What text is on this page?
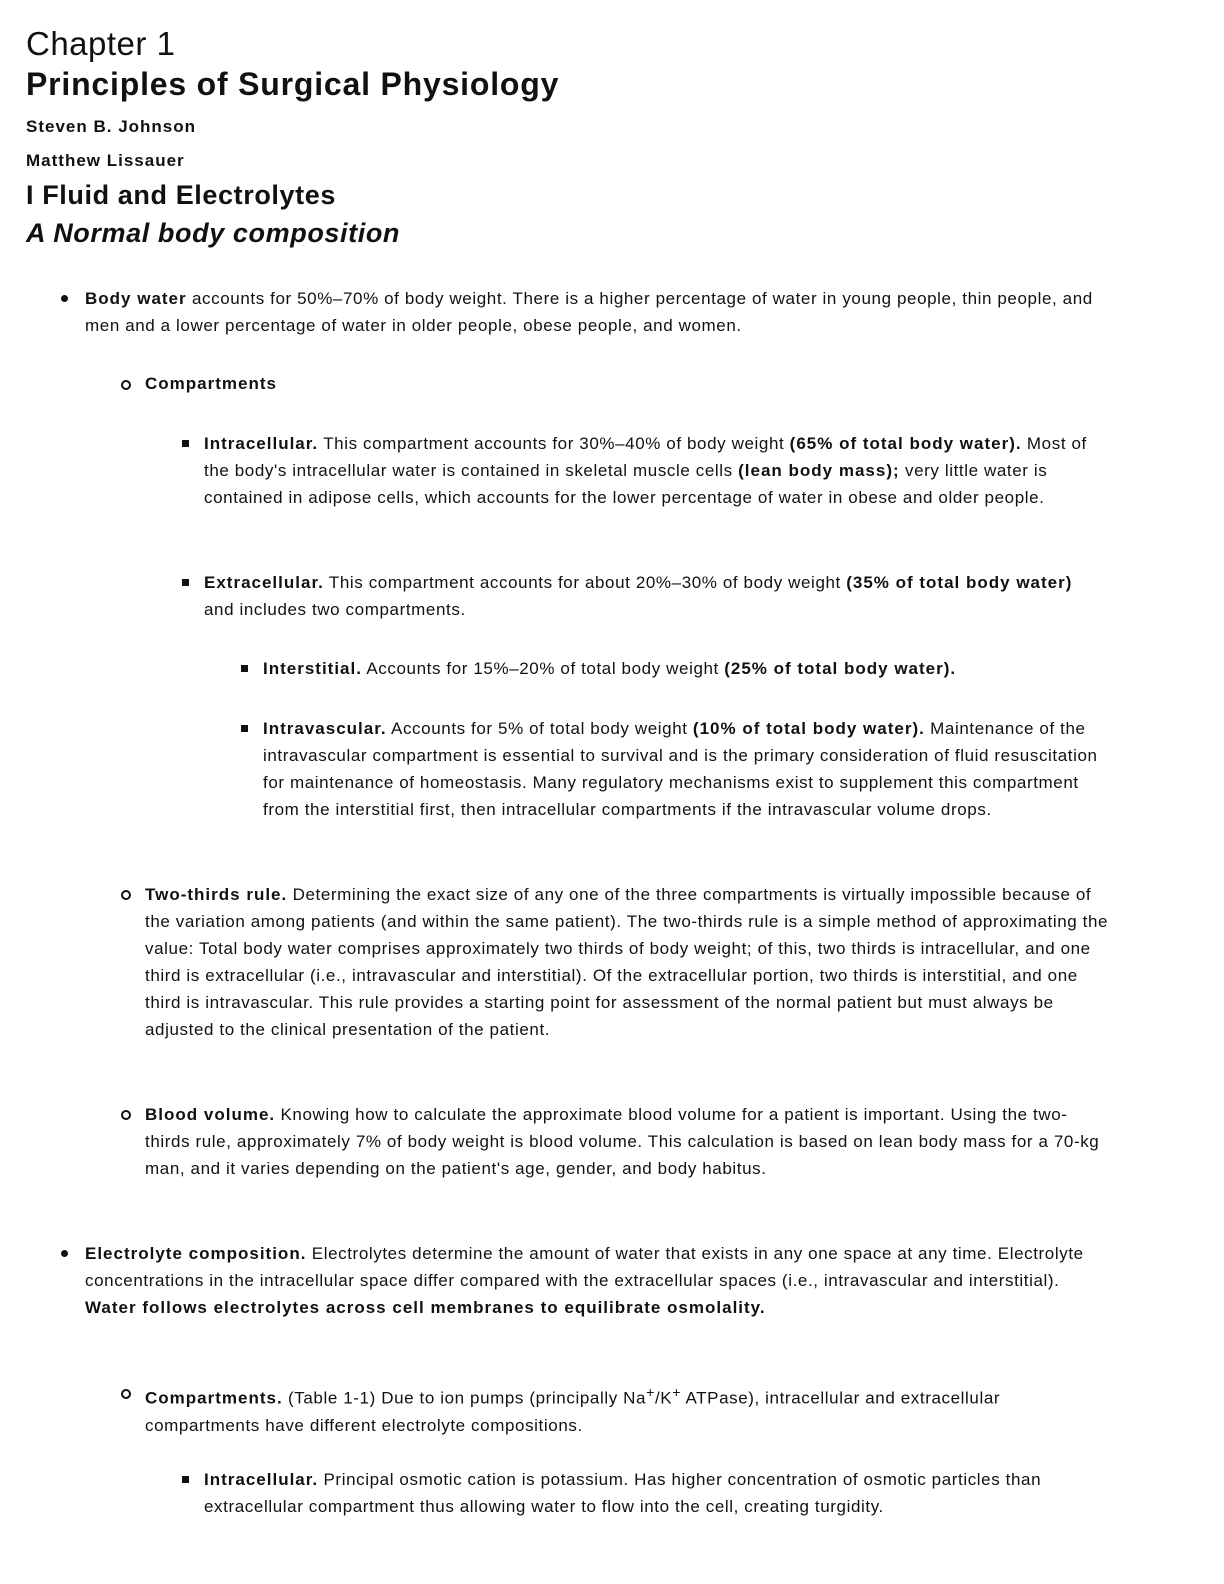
Chapter 1
Principles of Surgical Physiology

Steven B. Johnson

Matthew Lissauer

I Fluid and Electrolytes
A Normal body composition
Body water accounts for 50%–70% of body weight. There is a higher percentage of water in young people, thin people, and men and a lower percentage of water in older people, obese people, and women.
Compartments
Intracellular. This compartment accounts for 30%–40% of body weight (65% of total body water). Most of the body's intracellular water is contained in skeletal muscle cells (lean body mass); very little water is contained in adipose cells, which accounts for the lower percentage of water in obese and older people.
Extracellular. This compartment accounts for about 20%–30% of body weight (35% of total body water) and includes two compartments.
Interstitial. Accounts for 15%–20% of total body weight (25% of total body water).
Intravascular. Accounts for 5% of total body weight (10% of total body water). Maintenance of the intravascular compartment is essential to survival and is the primary consideration of fluid resuscitation for maintenance of homeostasis. Many regulatory mechanisms exist to supplement this compartment from the interstitial first, then intracellular compartments if the intravascular volume drops.
Two-thirds rule. Determining the exact size of any one of the three compartments is virtually impossible because of the variation among patients (and within the same patient). The two-thirds rule is a simple method of approximating the value: Total body water comprises approximately two thirds of body weight; of this, two thirds is intracellular, and one third is extracellular (i.e., intravascular and interstitial). Of the extracellular portion, two thirds is interstitial, and one third is intravascular. This rule provides a starting point for assessment of the normal patient but must always be adjusted to the clinical presentation of the patient.
Blood volume. Knowing how to calculate the approximate blood volume for a patient is important. Using the two-thirds rule, approximately 7% of body weight is blood volume. This calculation is based on lean body mass for a 70-kg man, and it varies depending on the patient's age, gender, and body habitus.
Electrolyte composition. Electrolytes determine the amount of water that exists in any one space at any time. Electrolyte concentrations in the intracellular space differ compared with the extracellular spaces (i.e., intravascular and interstitial). Water follows electrolytes across cell membranes to equilibrate osmolality.
Compartments. (Table 1-1) Due to ion pumps (principally Na+/K+ ATPase), intracellular and extracellular compartments have different electrolyte compositions.
Intracellular. Principal osmotic cation is potassium. Has higher concentration of osmotic particles than extracellular compartment thus allowing water to flow into the cell, creating turgidity.
